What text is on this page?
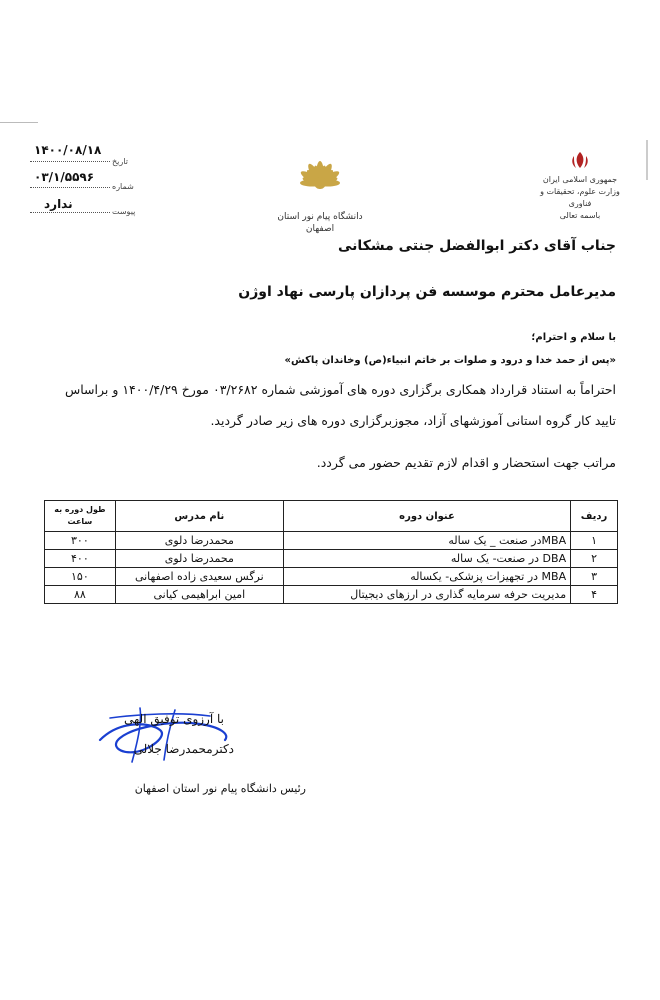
۱۴۰۰/۰۸/۱۸
تاریخ
۰۳/۱/۵۵۹۶
شماره
ندارد
پیوست
دانشگاه پیام نور استان اصفهان
جمهوری اسلامی ایران
وزارت علوم، تحقیقات و فناوری
باسمه تعالی
جناب آقای دکتر ابوالفضل جنتی مشکانی
مدیرعامل محترم موسسه فن پردازان پارسی نهاد اوژن
با سلام و احترام؛
«پس از حمد خدا و درود و صلوات بر خاتم انبیاء(ص) وخاندان پاکش»
احتراماً به استناد قرارداد همکاری برگزاری دوره های آموزشی شماره ۰۳/۲۶۸۲ مورخ ۱۴۰۰/۴/۲۹ و براساس
تایید کار گروه استانی آموزشهای آزاد، مجوزبرگزاری دوره های زیر صادر گردید.
مراتب جهت استحضار و اقدام لازم تقدیم حضور می گردد.
ردیف	عنوان دوره	نام مدرس	طول دوره به ساعت
۱	MBAدر صنعت _ یک ساله	محمدرضا دلوی	۳۰۰
۲	DBA در صنعت- یک ساله	محمدرضا دلوی	۴۰۰
۳	MBA در تجهیزات پزشکی- یکساله	نرگس سعیدی زاده اصفهانی	۱۵۰
۴	مدیریت حرفه سرمایه گذاری در ارزهای دیجیتال	امین ابراهیمی کیانی	۸۸
با آرزوی توفیق الهی
دکترمحمدرضا جلالی
رئیس دانشگاه پیام نور استان اصفهان
